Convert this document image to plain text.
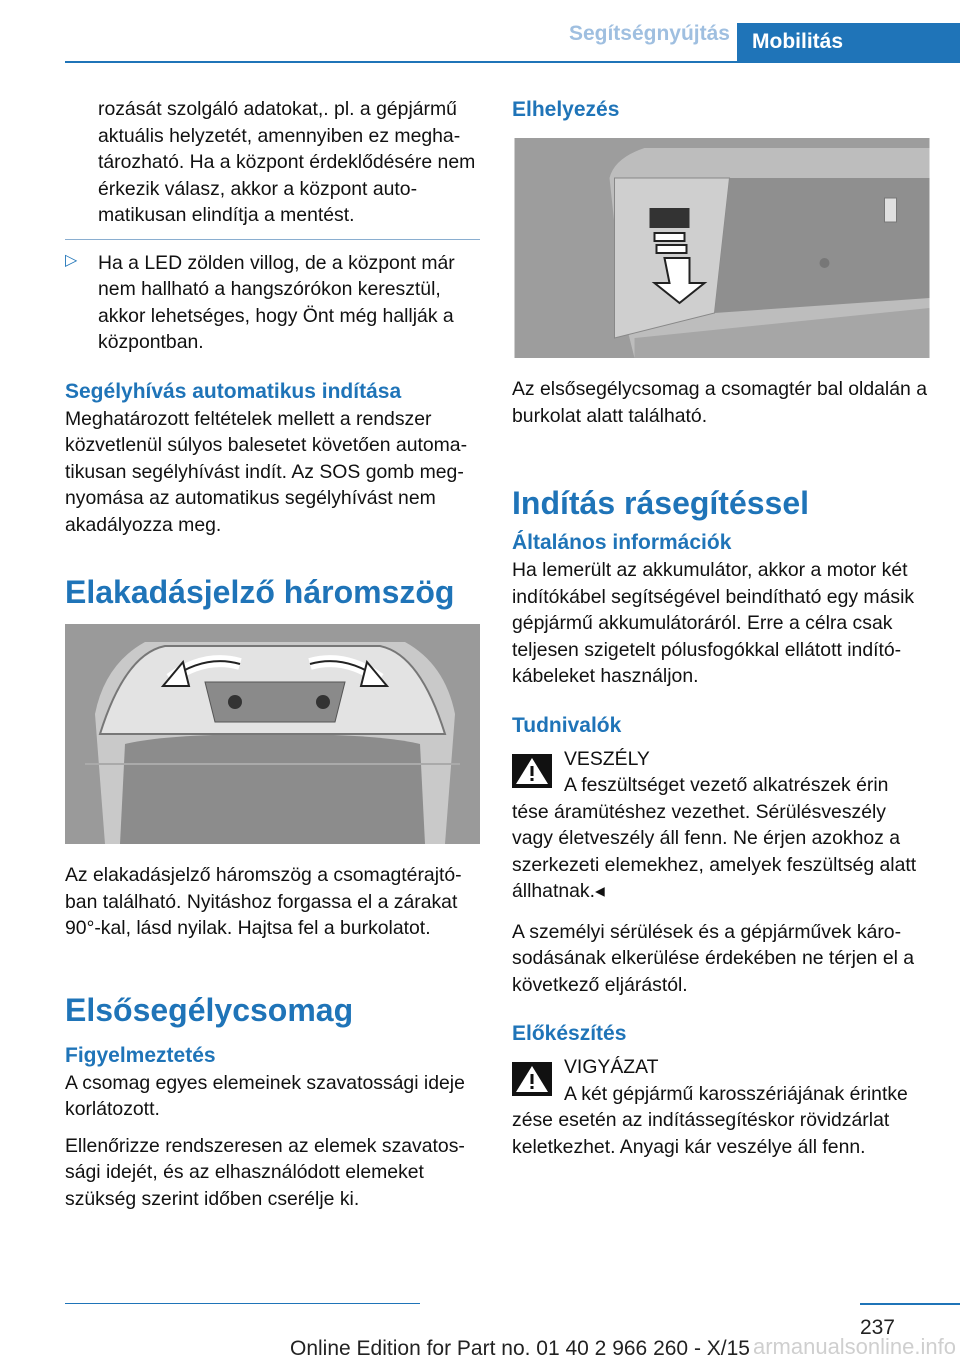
Segítségnyújtás	Mobilitás

rozását szolgáló adatokat,. pl. a gépjármű aktuális helyzetét, amennyiben ez meghatározható. Ha a központ érdeklődésére nem érkezik válasz, akkor a központ automatikusan elindítja a mentést.

▷ Ha a LED zölden villog, de a központ már nem hallható a hangszórókon keresztül, akkor lehetséges, hogy Önt még hallják a központban.

Segélyhívás automatikus indítása

Meghatározott feltételek mellett a rendszer közvetlenül súlyos balesetet követően automatikusan segélyhívást indít. Az SOS gomb megnyomása az automatikus segélyhívást nem akadályozza meg.

Elakadásjelző háromszög

Az elakadásjelző háromszög a csomagtérajtóban található. Nyitáshoz forgassa el a zárakat 90°-kal, lásd nyilak. Hajtsa fel a burkolatot.

Elsősegélycsomag
Figyelmeztetés

A csomag egyes elemeinek szavatossági ideje korlátozott.

Ellenőrizze rendszeresen az elemek szavatossági idejét, és az elhasználódott elemeket szükség szerint időben cserélje ki.

Elhelyezés

Az elsősegélycsomag a csomagtér bal oldalán a burkolat alatt található.

Indítás rásegítéssel
Általános információk

Ha lemerült az akkumulátor, akkor a motor két indítókábel segítségével beindítható egy másik gépjármű akkumulátoráról. Erre a célra csak teljesen szigetelt pólusfogókkal ellátott indítókábeleket használjon.

Tudnivalók

VESZÉLY

A feszültséget vezető alkatrészek érin

tése áramütéshez vezethet. Sérülésveszély vagy életveszély áll fenn. Ne érjen azokhoz a szerkezeti elemekhez, amelyek feszültség alatt állhatnak.◂

A személyi sérülések és a gépjárművek károsodásának elkerülése érdekében ne térjen el a következő eljárástól.

Előkészítés

VIGYÁZAT

A két gépjármű karosszériájának érintke

zése esetén az indítássegítéskor rövidzárlat keletkezhet. Anyagi kár veszélye áll fenn.

237
Online Edition for Part no. 01 40 2 966 260 - X/15 armanualsonline.info
